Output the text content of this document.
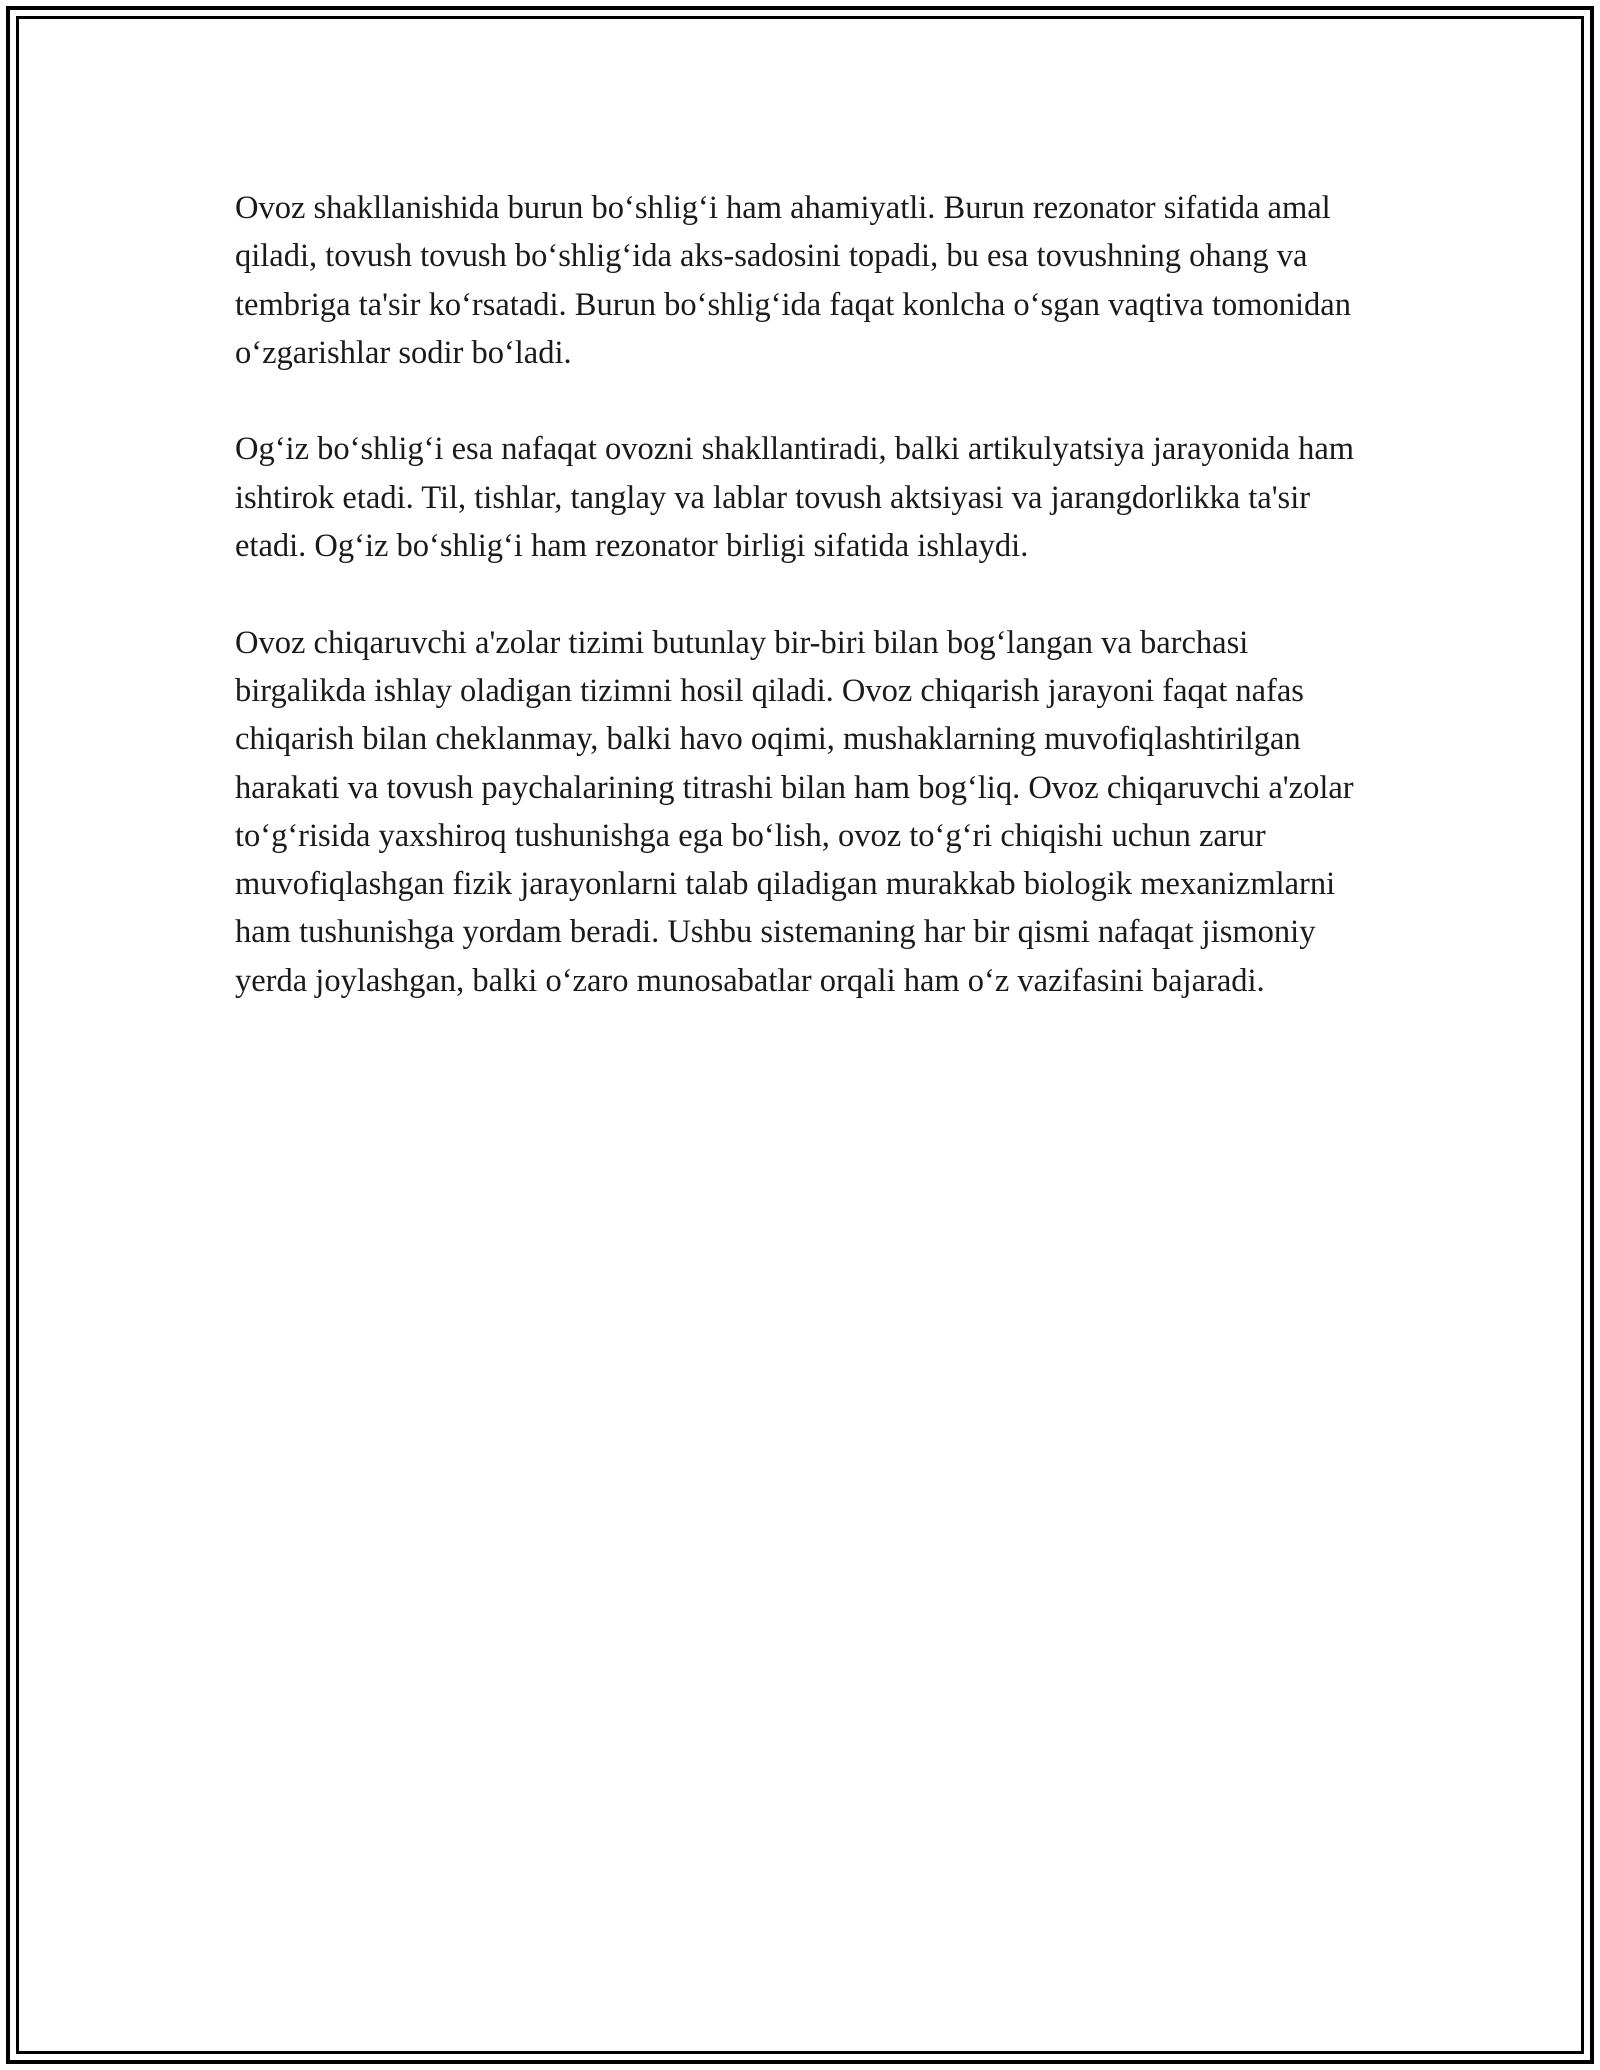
Ovoz shakllanishida burun bo‘shlig‘i ham ahamiyatli. Burun rezonator sifatida amal qiladi, tovush tovush bo‘shlig‘ida aks-sadosini topadi, bu esa tovushning ohang va tembriga ta'sir ko‘rsatadi. Burun bo‘shlig‘ida faqat konlcha o‘sgan vaqtiva tomonidan o‘zgarishlar sodir bo‘ladi.

Og‘iz bo‘shlig‘i esa nafaqat ovozni shakllantiradi, balki artikulyatsiya jarayonida ham ishtirok etadi. Til, tishlar, tanglay va lablar tovush aktsiyasi va jarangdorlikka ta'sir etadi. Og‘iz bo‘shlig‘i ham rezonator birligi sifatida ishlaydi.

Ovoz chiqaruvchi a'zolar tizimi butunlay bir-biri bilan bog‘langan va barchasi birgalikda ishlay oladigan tizimni hosil qiladi. Ovoz chiqarish jarayoni faqat nafas chiqarish bilan cheklanmay, balki havo oqimi, mushaklarning muvofiqlashtirilgan harakati va tovush paychalarining titrashi bilan ham bog‘liq. Ovoz chiqaruvchi a'zolar to‘g‘risida yaxshiroq tushunishga ega bo‘lish, ovoz to‘g‘ri chiqishi uchun zarur muvofiqlashgan fizik jarayonlarni talab qiladigan murakkab biologik mexanizmlarni ham tushunishga yordam beradi. Ushbu sistemaning har bir qismi nafaqat jismoniy yerda joylashgan, balki o‘zaro munosabatlar orqali ham o‘z vazifasini bajaradi.
